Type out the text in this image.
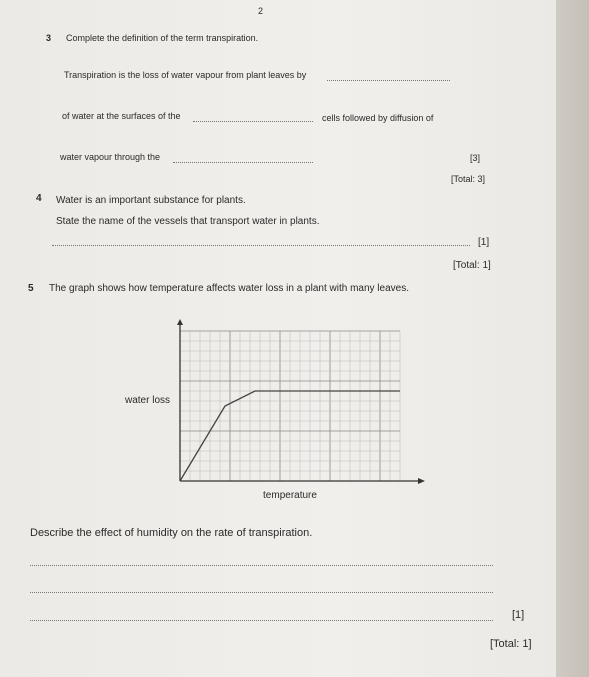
2
3 Complete the definition of the term transpiration.
Transpiration is the loss of water vapour from plant leaves by
of water at the surfaces of the	cells followed by diffusion of
water vapour through the	[3]
[Total: 3]
4 Water is an important substance for plants.
State the name of the vessels that transport water in plants.
[1]
[Total: 1]
5 The graph shows how temperature affects water loss in a plant with many leaves.
water loss
temperature
Describe the effect of humidity on the rate of transpiration.
[1]
[Total: 1]
